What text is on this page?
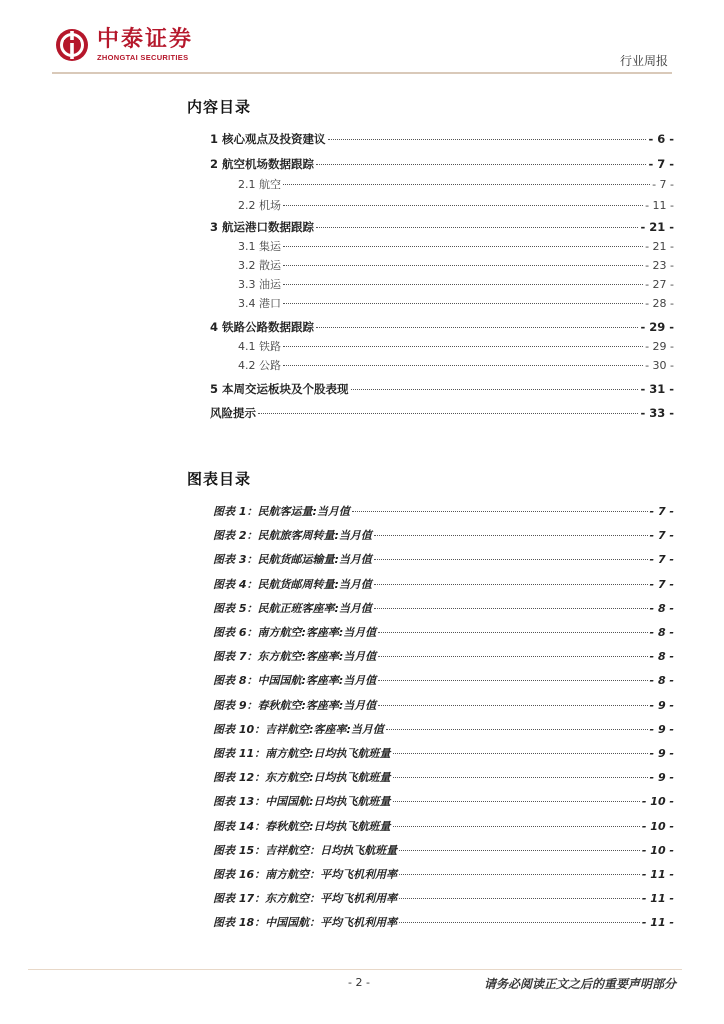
中泰证券
ZHONGTAI SECURITIES	行业周报
内容目录
1 核心观点及投资建议	- 6 -
2 航空机场数据跟踪	- 7 -
2.1 航空	- 7 -
2.2 机场	- 11 -
3 航运港口数据跟踪	- 21 -
3.1 集运	- 21 -
3.2 散运	- 23 -
3.3 油运	- 27 -
3.4 港口	- 28 -
4 铁路公路数据跟踪	- 29 -
4.1 铁路	- 29 -
4.2 公路	- 30 -
5 本周交运板块及个股表现	- 31 -
风险提示	- 33 -
图表目录
图表 1：民航客运量:当月值	- 7 -
图表 2：民航旅客周转量:当月值	- 7 -
图表 3：民航货邮运输量:当月值	- 7 -
图表 4：民航货邮周转量:当月值	- 7 -
图表 5：民航正班客座率:当月值	- 8 -
图表 6：南方航空:客座率:当月值	- 8 -
图表 7：东方航空:客座率:当月值	- 8 -
图表 8：中国国航:客座率:当月值	- 8 -
图表 9：春秋航空:客座率:当月值	- 9 -
图表 10：吉祥航空:客座率:当月值	- 9 -
图表 11：南方航空:日均执飞航班量	- 9 -
图表 12：东方航空:日均执飞航班量	- 9 -
图表 13：中国国航:日均执飞航班量	- 10 -
图表 14：春秋航空:日均执飞航班量	- 10 -
图表 15：吉祥航空：日均执飞航班量	- 10 -
图表 16：南方航空：平均飞机利用率	- 11 -
图表 17：东方航空：平均飞机利用率	- 11 -
图表 18：中国国航：平均飞机利用率	- 11 -
- 2 -	请务必阅读正文之后的重要声明部分
